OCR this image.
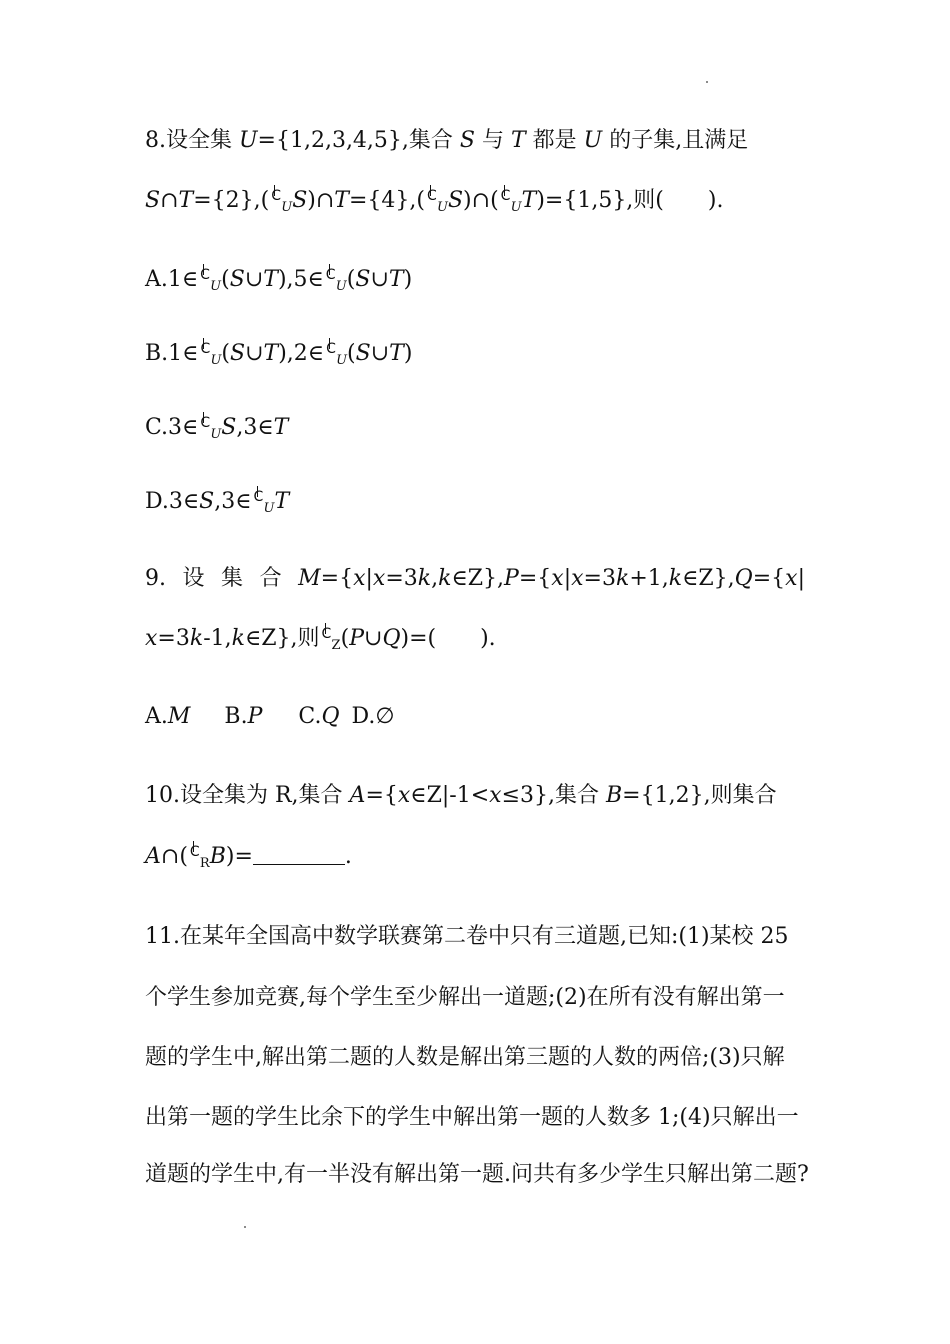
8.设全集 U={1,2,3,4,5},集合 S 与 T 都是 U 的子集,且满足
S∩T={2},(C $_U$S)∩T={4},(C $_U$S)∩(C $_U$T)={1,5},则(　　).
A.1∈C $_U$(S∪T),5∈C $_U$(S∪T)
B.1∈C $_U$(S∪T),2∈C $_U$(S∪T)
C.3∈C $_U$S,3∈T
D.3∈S,3∈C $_U$T
9. 设 集 合 M={x|x=3k,k∈Z},P={x|x=3k+1,k∈Z},Q={x|
x=3k-1,k∈Z},则C $_Z$(P∪Q)=(　　).
A.M B.P C.Q D.∅
10.设全集为 R,集合 A={x∈Z|-1<x≤3},集合 B={1,2},则集合
A∩(C $_R$B)=	.
11.在某年全国高中数学联赛第二卷中只有三道题,已知:(1)某校 25
个学生参加竞赛,每个学生至少解出一道题;(2)在所有没有解出第一
题的学生中,解出第二题的人数是解出第三题的人数的两倍;(3)只解
出第一题的学生比余下的学生中解出第一题的人数多 1;(4)只解出一
道题的学生中,有一半没有解出第一题.问共有多少学生只解出第二题?
